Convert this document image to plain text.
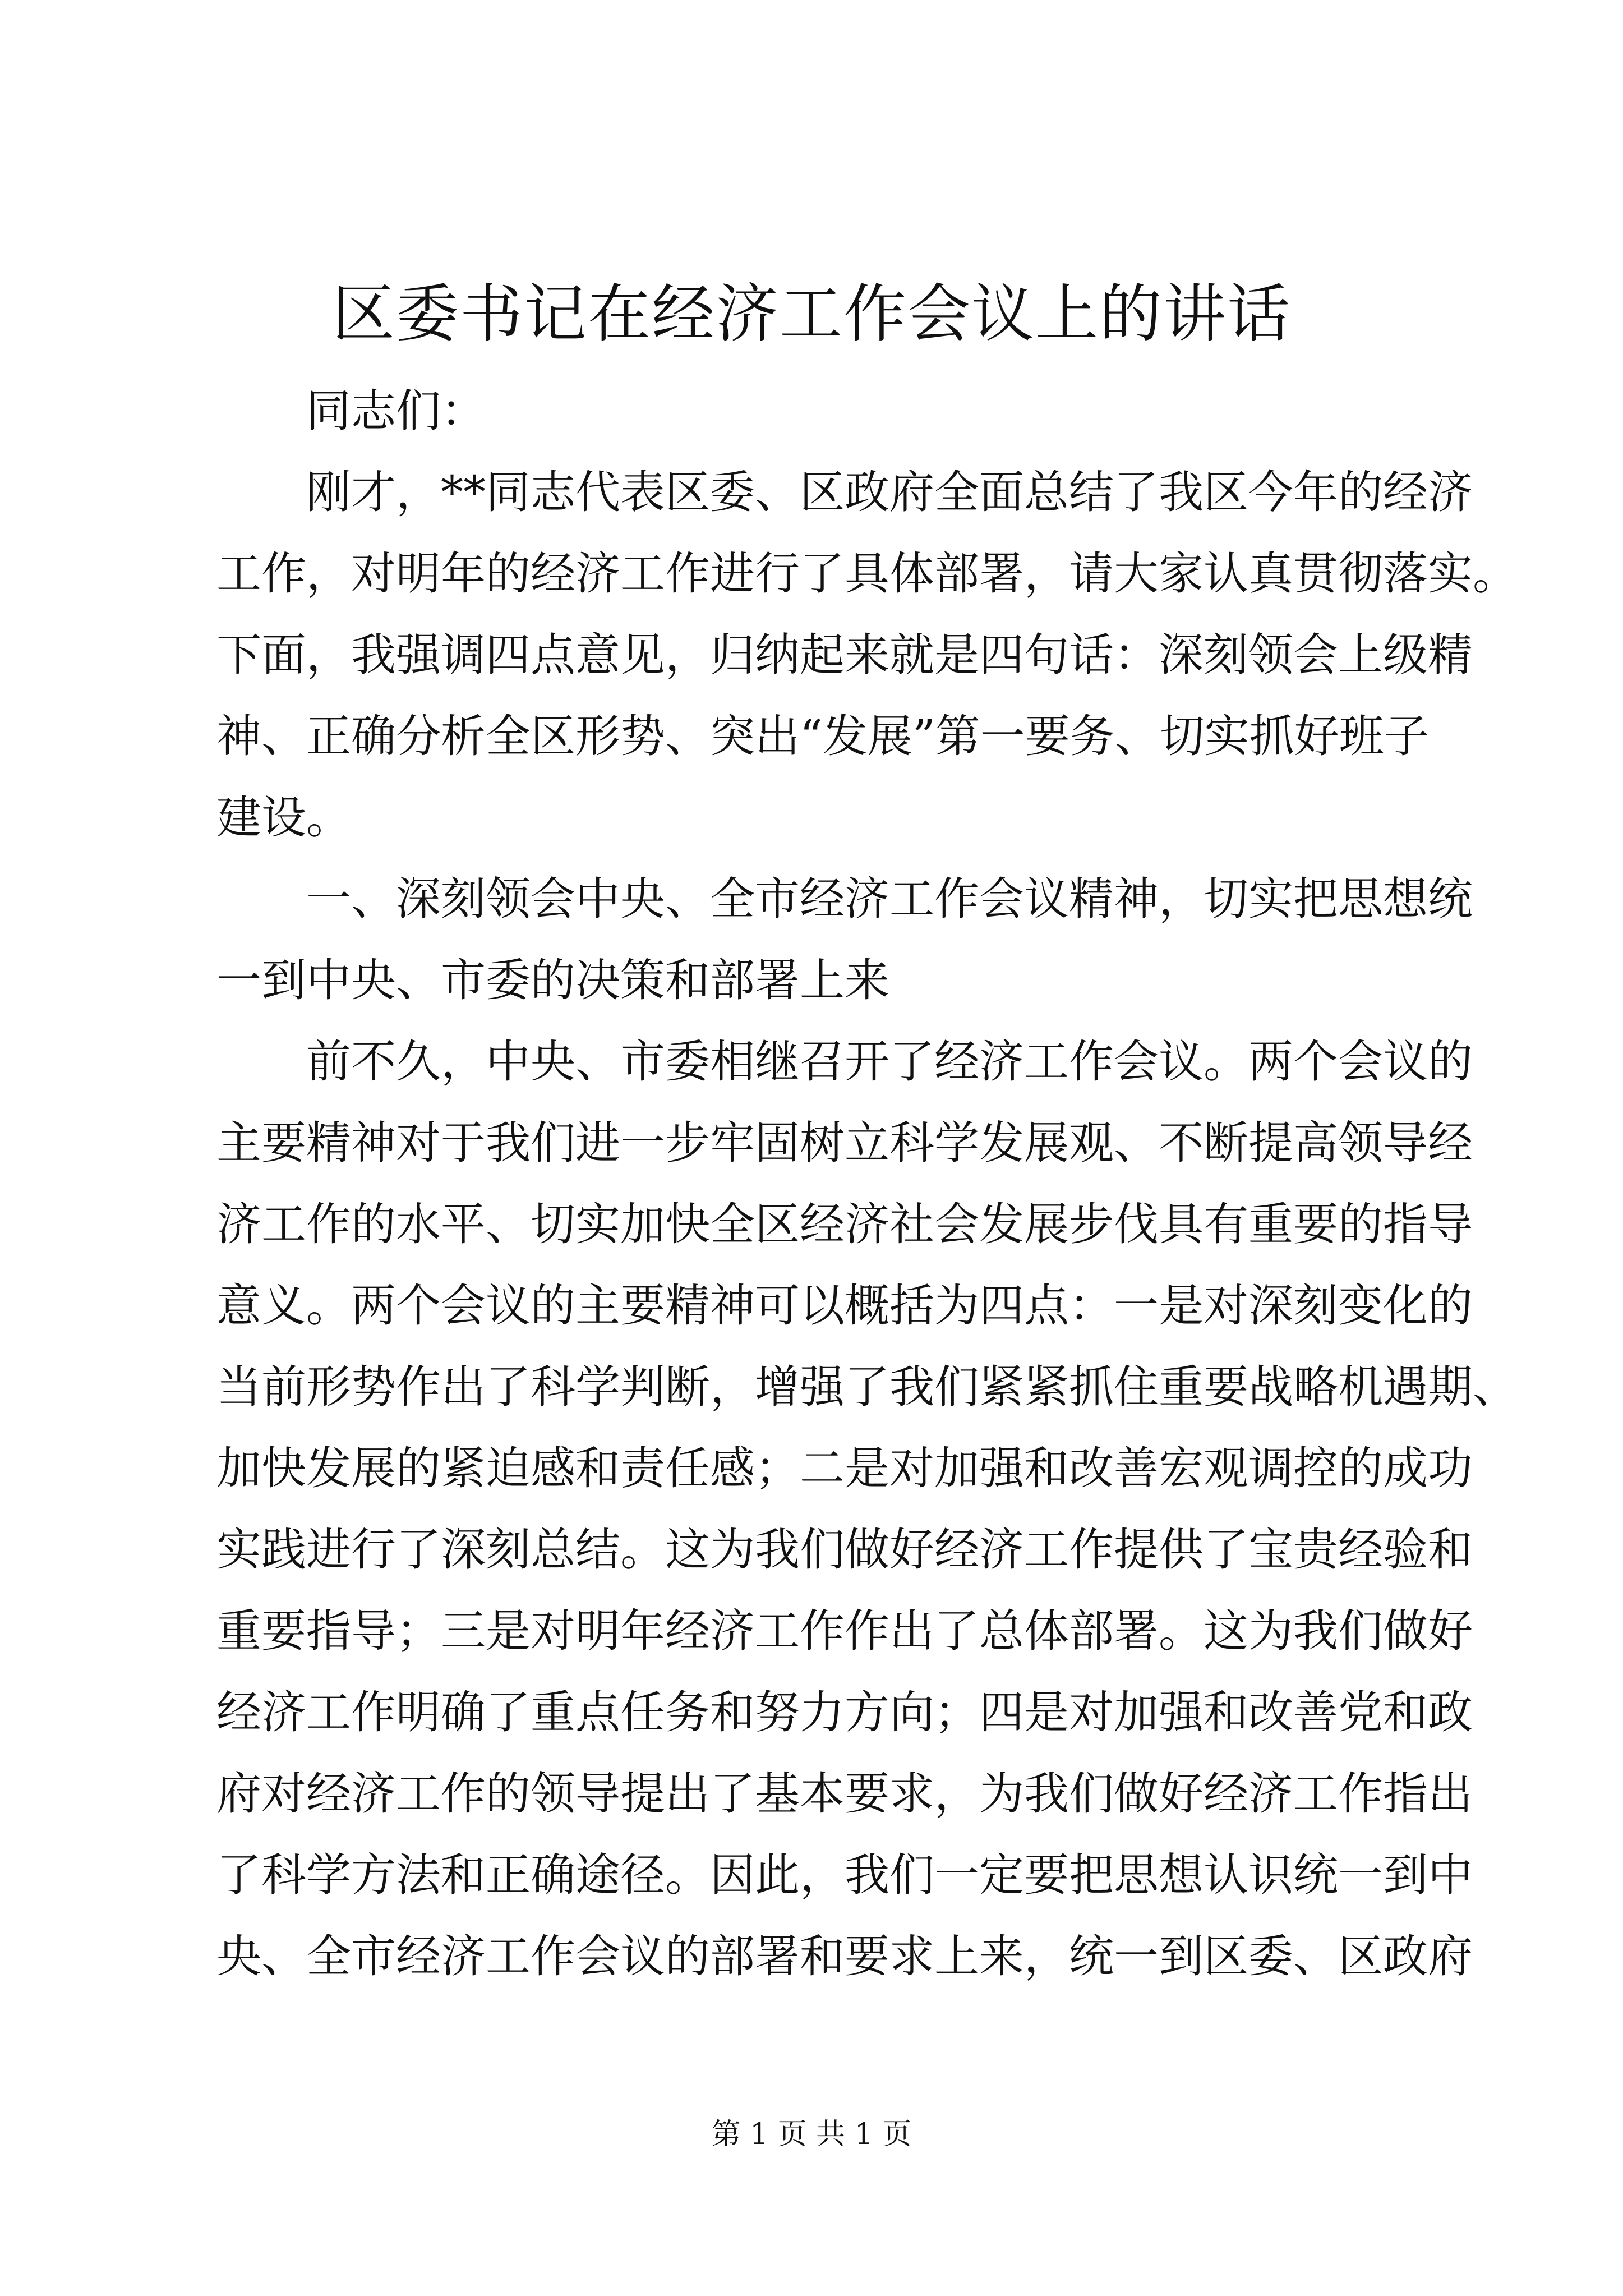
区委书记在经济工作会议上的讲话
同志们：
刚才，**同志代表区委、区政府全面总结了我区今年的经济
工作，对明年的经济工作进行了具体部署，请大家认真贯彻落实。
下面，我强调四点意见，归纳起来就是四句话：深刻领会上级精
神、正确分析全区形势、突出“发展”第一要务、切实抓好班子
建设。
一、深刻领会中央、全市经济工作会议精神，切实把思想统
一到中央、市委的决策和部署上来
前不久，中央、市委相继召开了经济工作会议。两个会议的
主要精神对于我们进一步牢固树立科学发展观、不断提高领导经
济工作的水平、切实加快全区经济社会发展步伐具有重要的指导
意义。两个会议的主要精神可以概括为四点：一是对深刻变化的
当前形势作出了科学判断，增强了我们紧紧抓住重要战略机遇期、
加快发展的紧迫感和责任感；二是对加强和改善宏观调控的成功
实践进行了深刻总结。这为我们做好经济工作提供了宝贵经验和
重要指导；三是对明年经济工作作出了总体部署。这为我们做好
经济工作明确了重点任务和努力方向；四是对加强和改善党和政
府对经济工作的领导提出了基本要求，为我们做好经济工作指出
了科学方法和正确途径。因此，我们一定要把思想认识统一到中
央、全市经济工作会议的部署和要求上来，统一到区委、区政府
第 1 页 共 1 页
